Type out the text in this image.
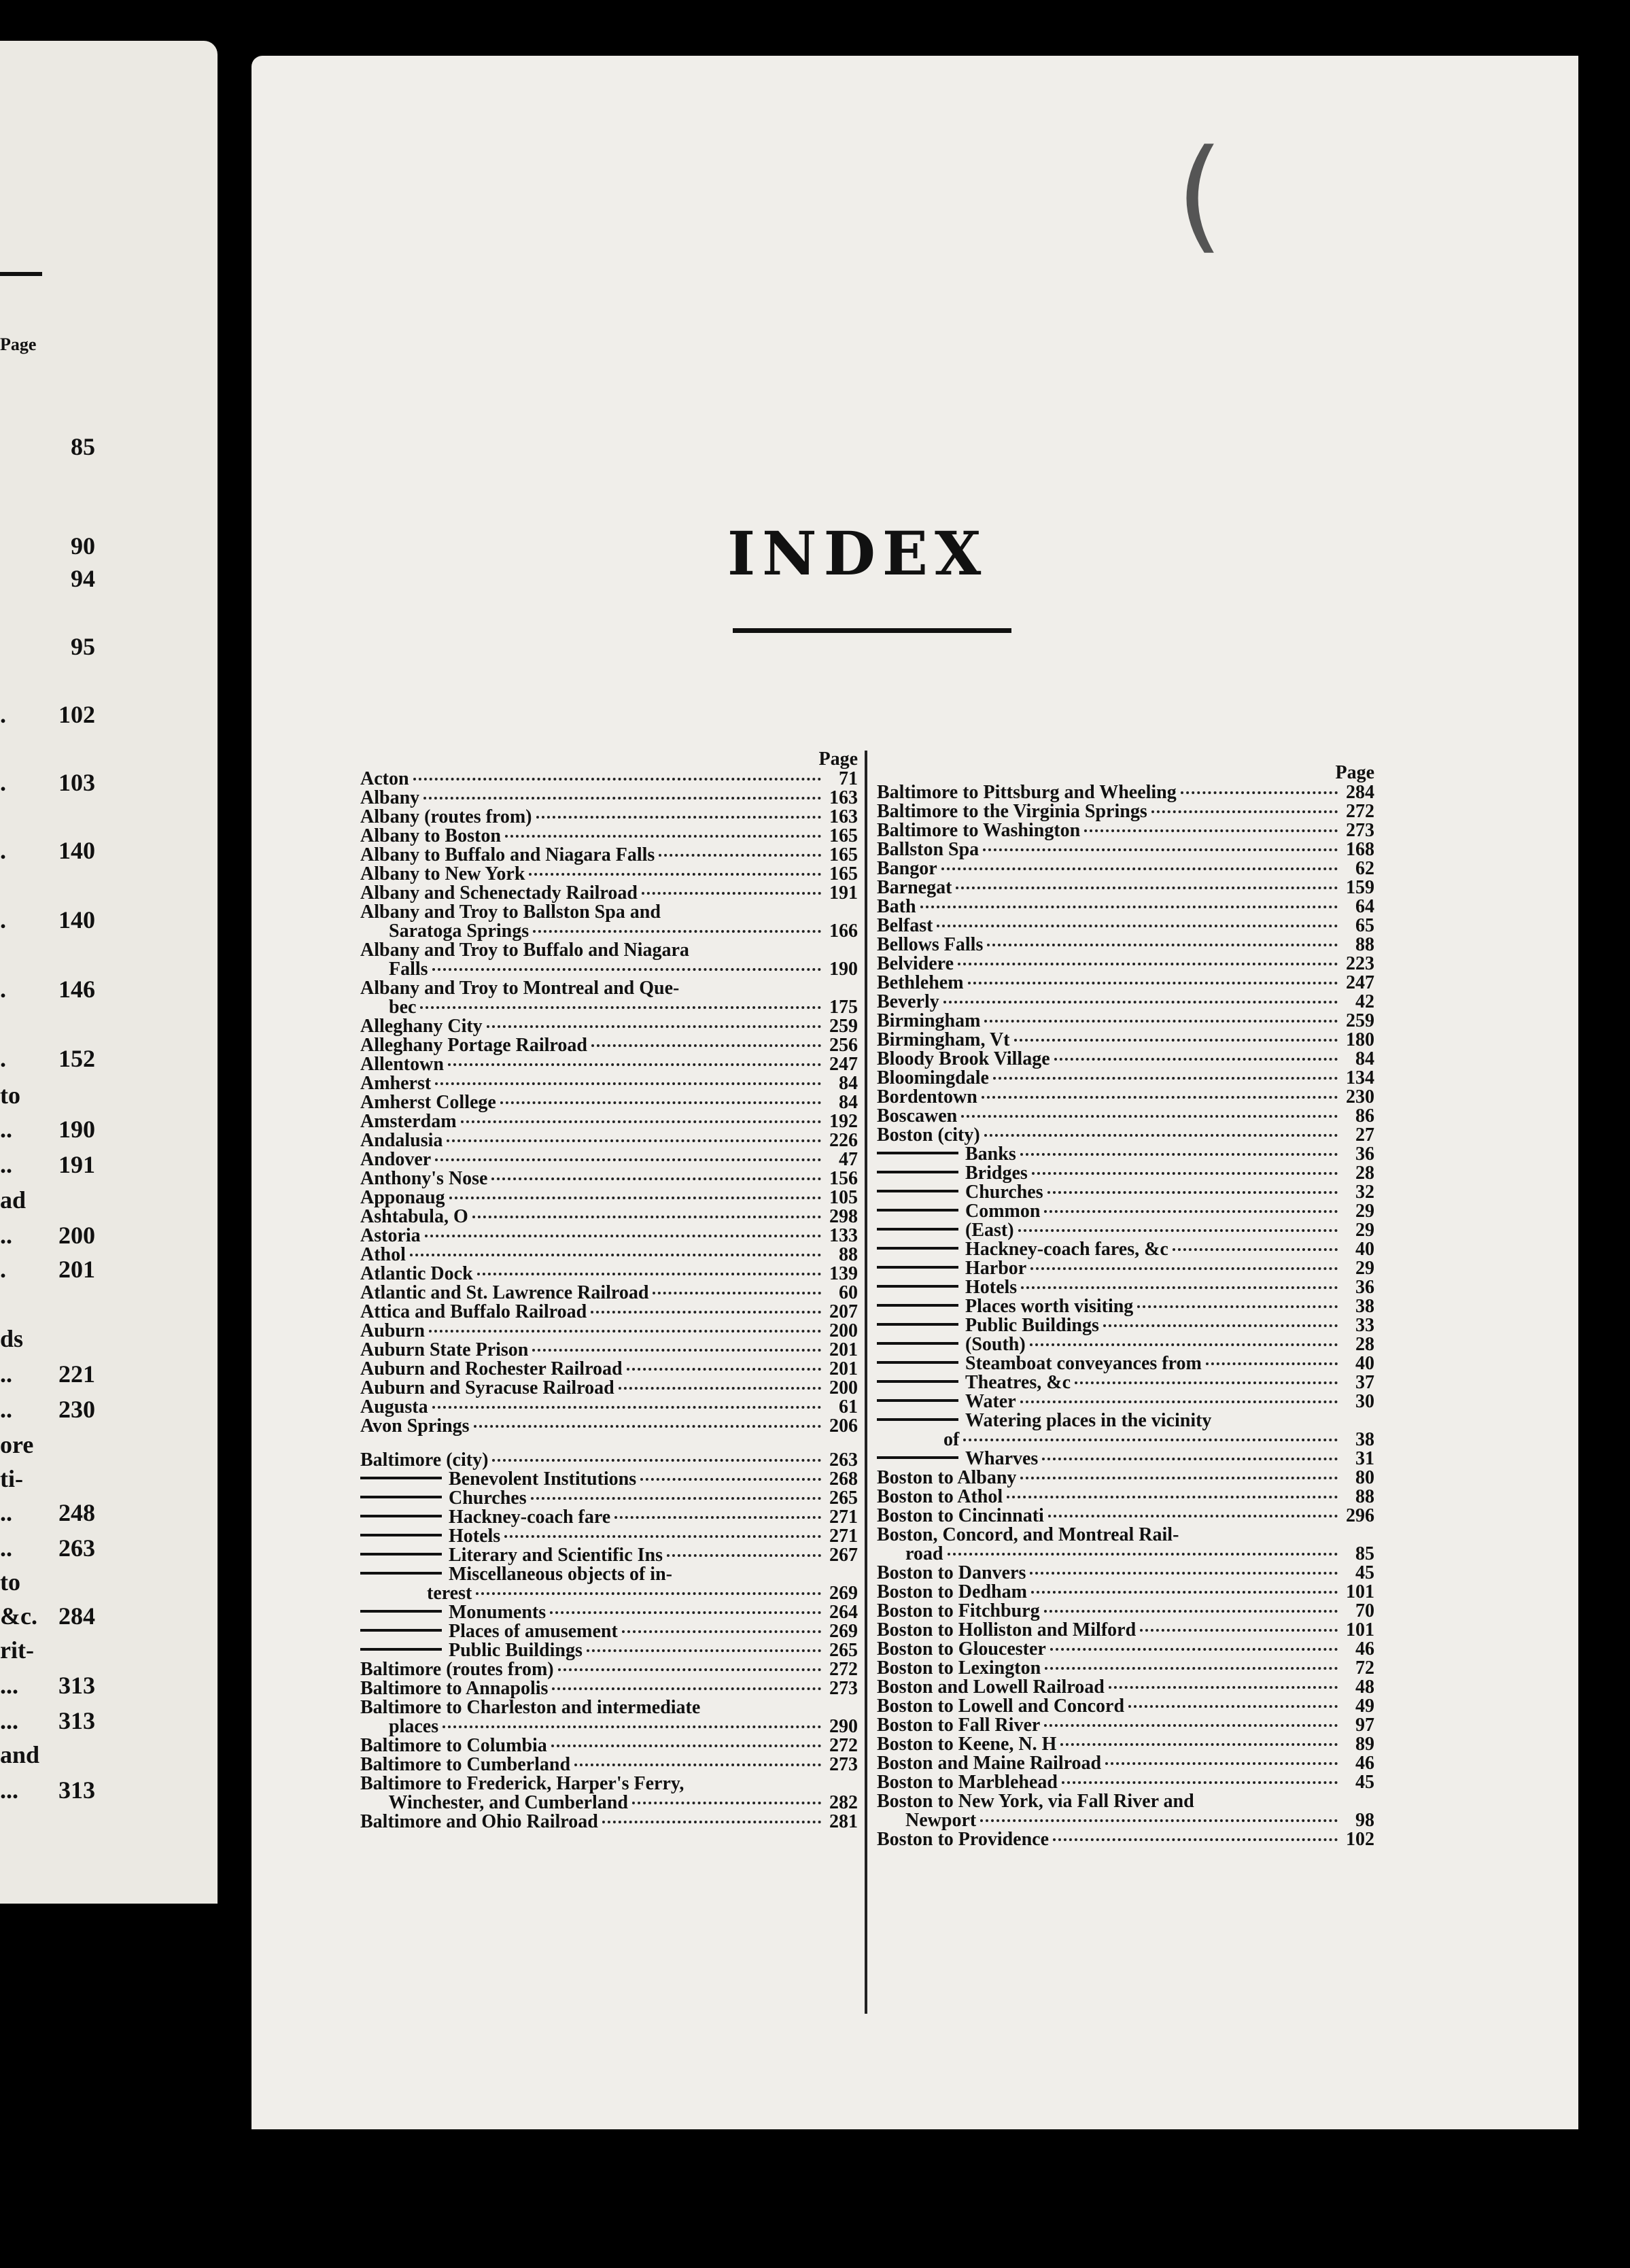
Page
85
90
94
95
. 102
. 103
. 140
. 140
. 146
. 152
to
.. 190
.. 191
ad
.. 200
. 201
ds
.. 221
.. 230
ore
ti-
.. 248
.. 263
to
&c. 284
rit-
... 313
... 313
and
... 313
(
INDEX
Page
Acton	71
Albany	163
Albany (routes from)	163
Albany to Boston	165
Albany to Buffalo and Niagara Falls	165
Albany to New York	165
Albany and Schenectady Railroad	191
Albany and Troy to Ballston Spa and
Saratoga Springs	166
Albany and Troy to Buffalo and Niagara
Falls	190
Albany and Troy to Montreal and Que-
bec	175
Alleghany City	259
Alleghany Portage Railroad	256
Allentown	247
Amherst	84
Amherst College	84
Amsterdam	192
Andalusia	226
Andover	47
Anthony's Nose	156
Apponaug	105
Ashtabula, O	298
Astoria	133
Athol	88
Atlantic Dock	139
Atlantic and St. Lawrence Railroad	60
Attica and Buffalo Railroad	207
Auburn	200
Auburn State Prison	201
Auburn and Rochester Railroad	201
Auburn and Syracuse Railroad	200
Augusta	61
Avon Springs	206
Baltimore (city)	263
Benevolent Institutions	268
Churches	265
Hackney-coach fare	271
Hotels	271
Literary and Scientific Ins	267
Miscellaneous objects of in-
terest	269
Monuments	264
Places of amusement	269
Public Buildings	265
Baltimore (routes from)	272
Baltimore to Annapolis	273
Baltimore to Charleston and intermediate
places	290
Baltimore to Columbia	272
Baltimore to Cumberland	273
Baltimore to Frederick, Harper's Ferry,
Winchester, and Cumberland	282
Baltimore and Ohio Railroad	281
Page
Baltimore to Pittsburg and Wheeling	284
Baltimore to the Virginia Springs	272
Baltimore to Washington	273
Ballston Spa	168
Bangor	62
Barnegat	159
Bath	64
Belfast	65
Bellows Falls	88
Belvidere	223
Bethlehem	247
Beverly	42
Birmingham	259
Birmingham, Vt	180
Bloody Brook Village	84
Bloomingdale	134
Bordentown	230
Boscawen	86
Boston (city)	27
Banks	36
Bridges	28
Churches	32
Common	29
(East)	29
Hackney-coach fares, &c	40
Harbor	29
Hotels	36
Places worth visiting	38
Public Buildings	33
(South)	28
Steamboat conveyances from	40
Theatres, &c	37
Water	30
Watering places in the vicinity
of	38
Wharves	31
Boston to Albany	80
Boston to Athol	88
Boston to Cincinnati	296
Boston, Concord, and Montreal Rail-
road	85
Boston to Danvers	45
Boston to Dedham	101
Boston to Fitchburg	70
Boston to Holliston and Milford	101
Boston to Gloucester	46
Boston to Lexington	72
Boston and Lowell Railroad	48
Boston to Lowell and Concord	49
Boston to Fall River	97
Boston to Keene, N. H	89
Boston and Maine Railroad	46
Boston to Marblehead	45
Boston to New York, via Fall River and
Newport	98
Boston to Providence	102
